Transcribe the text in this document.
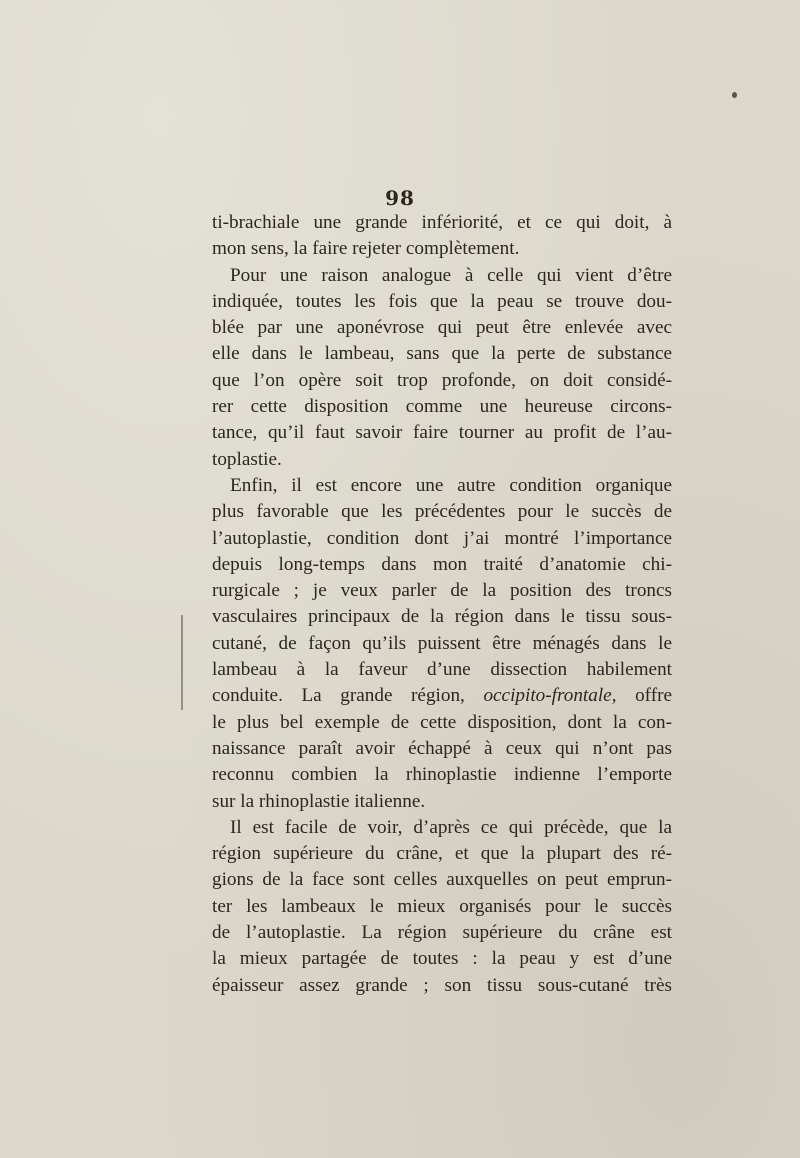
98
ti-brachiale une grande infériorité, et ce qui doit, à
mon sens, la faire rejeter complètement.
Pour une raison analogue à celle qui vient d’être
indiquée, toutes les fois que la peau se trouve dou-
blée par une aponévrose qui peut être enlevée avec
elle dans le lambeau, sans que la perte de substance
que l’on opère soit trop profonde, on doit considé-
rer cette disposition comme une heureuse circons-
tance, qu’il faut savoir faire tourner au profit de l’au-
toplastie.
Enfin, il est encore une autre condition organique
plus favorable que les précédentes pour le succès de
l’autoplastie, condition dont j’ai montré l’importance
depuis long-temps dans mon traité d’anatomie chi-
rurgicale ; je veux parler de la position des troncs
vasculaires principaux de la région dans le tissu sous-
cutané, de façon qu’ils puissent être ménagés dans le
lambeau à la faveur d’une dissection habilement
conduite. La grande région, occipito-frontale, offre
le plus bel exemple de cette disposition, dont la con-
naissance paraît avoir échappé à ceux qui n’ont pas
reconnu combien la rhinoplastie indienne l’emporte
sur la rhinoplastie italienne.
Il est facile de voir, d’après ce qui précède, que la
région supérieure du crâne, et que la plupart des ré-
gions de la face sont celles auxquelles on peut emprun-
ter les lambeaux le mieux organisés pour le succès
de l’autoplastie. La région supérieure du crâne est
la mieux partagée de toutes : la peau y est d’une
épaisseur assez grande ; son tissu sous-cutané très
